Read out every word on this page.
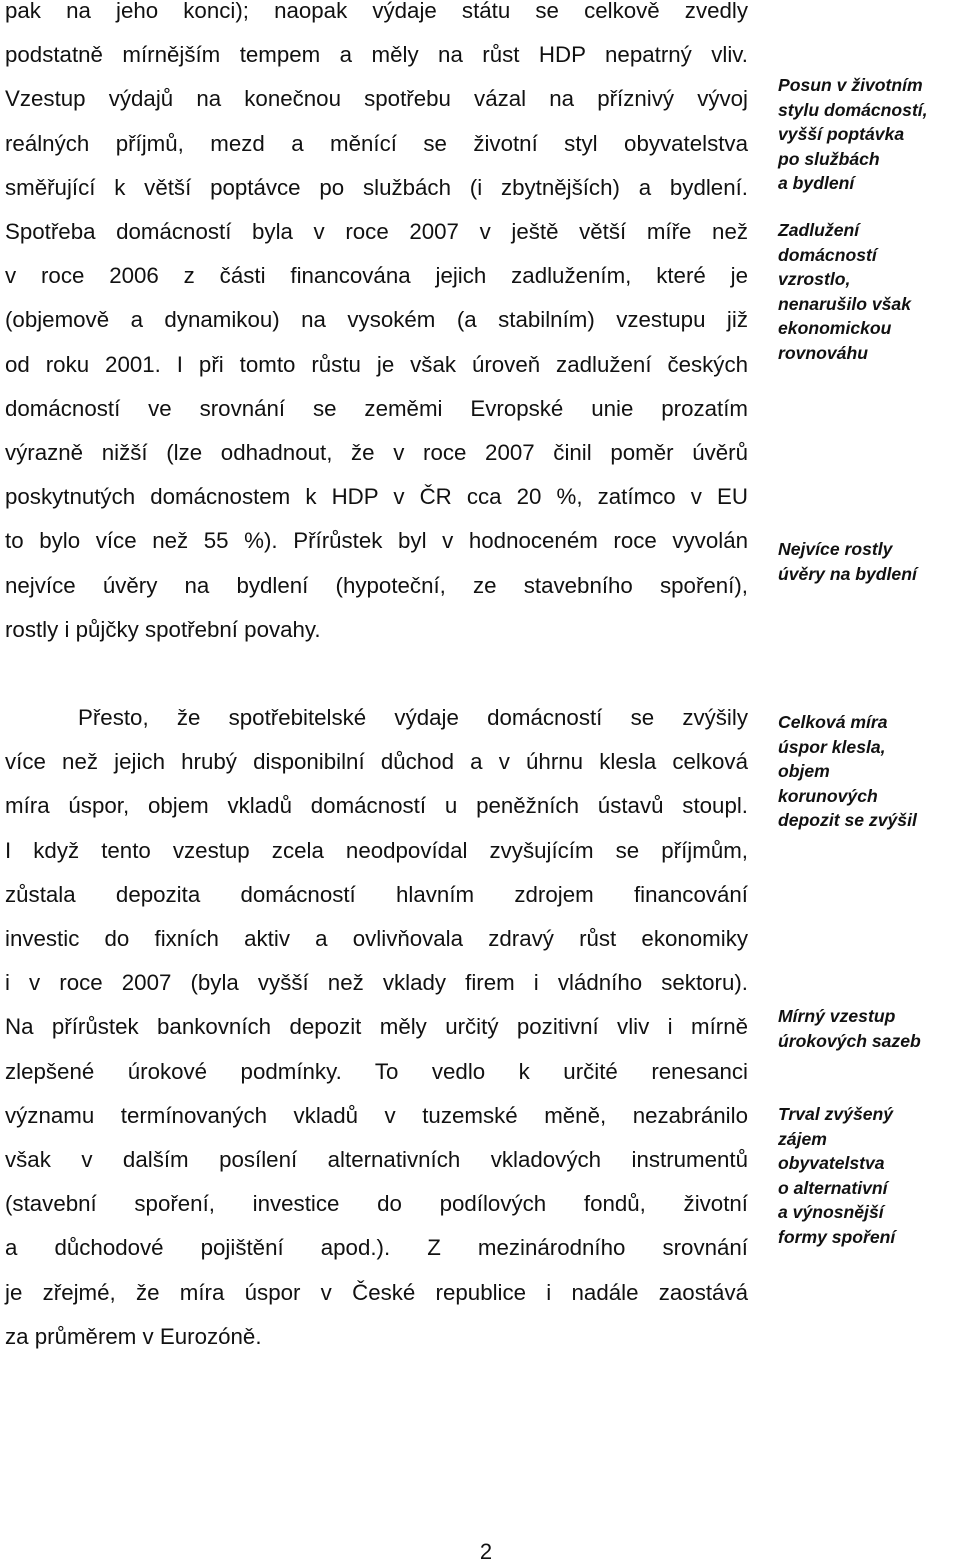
pak na jeho konci); naopak výdaje státu se celkově zvedly
podstatně mírnějším tempem a měly na růst HDP nepatrný vliv.
Vzestup výdajů na konečnou spotřebu vázal na příznivý vývoj
reálných příjmů, mezd a měnící se životní styl obyvatelstva
směřující k větší poptávce po službách (i zbytnějších) a bydlení.
Spotřeba domácností byla v roce 2007 v ještě větší míře než
v roce 2006 z části financována jejich zadlužením, které je
(objemově a dynamikou) na vysokém (a stabilním) vzestupu již
od roku 2001. I při tomto růstu je však úroveň zadlužení českých
domácností ve srovnání se zeměmi Evropské unie prozatím
výrazně nižší (lze odhadnout, že v roce 2007 činil poměr úvěrů
poskytnutých domácnostem k HDP v ČR cca 20 %, zatímco v EU
to bylo více než 55 %). Přírůstek byl v hodnoceném roce vyvolán
nejvíce úvěry na bydlení (hypoteční, ze stavebního spoření),
rostly i půjčky spotřební povahy.
Přesto, že spotřebitelské výdaje domácností se zvýšily
více než jejich hrubý disponibilní důchod a v úhrnu klesla celková
míra úspor, objem vkladů domácností u peněžních ústavů stoupl.
I když tento vzestup zcela neodpovídal zvyšujícím se příjmům,
zůstala depozita domácností hlavním zdrojem financování
investic do fixních aktiv a ovlivňovala zdravý růst ekonomiky
i v roce 2007 (byla vyšší než vklady firem i vládního sektoru).
Na přírůstek bankovních depozit měly určitý pozitivní vliv i mírně
zlepšené úrokové podmínky. To vedlo k určité renesanci
významu termínovaných vkladů v tuzemské měně, nezabránilo
však v dalším posílení alternativních vkladových instrumentů
(stavební spoření, investice do podílových fondů, životní
a důchodové pojištění apod.). Z mezinárodního srovnání
je zřejmé, že míra úspor v České republice i nadále zaostává
za průměrem v Eurozóně.
Posun v životním
stylu domácností,
vyšší poptávka
po službách
a bydlení
Zadlužení
domácností
vzrostlo,
nenarušilo však
ekonomickou
rovnováhu
Nejvíce rostly
úvěry na bydlení
Celková míra
úspor klesla,
objem
korunových
depozit se zvýšil
Mírný vzestup
úrokových sazeb
Trval zvýšený
zájem
obyvatelstva
o alternativní
a výnosnější
formy spoření
2
